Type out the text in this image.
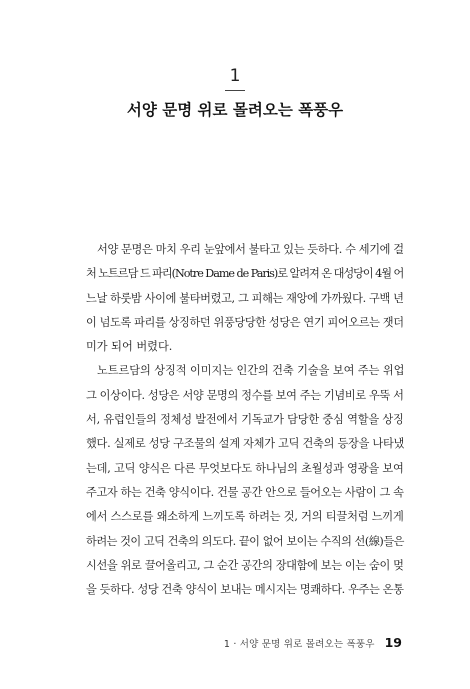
1
서양 문명 위로 몰려오는 폭풍우
서양 문명은 마치 우리 눈앞에서 불타고 있는 듯하다. 수 세기에 걸
처 노트르담 드 파리(Notre Dame de Paris)로 알려져 온 대성당이 4월 어
느날 하룻밤 사이에 불타버렸고, 그 피해는 재앙에 가까웠다. 구백 년
이 넘도록 파리를 상징하던 위풍당당한 성당은 연기 피어오르는 잿더
미가 되어 버렸다.
노트르담의 상징적 이미지는 인간의 건축 기술을 보여 주는 위업
그 이상이다. 성당은 서양 문명의 정수를 보여 주는 기념비로 우뚝 서
서, 유럽인들의 정체성 발전에서 기독교가 담당한 중심 역할을 상징
했다. 실제로 성당 구조물의 설계 자체가 고딕 건축의 등장을 나타냈
는데, 고딕 양식은 다른 무엇보다도 하나님의 초월성과 영광을 보여
주고자 하는 건축 양식이다. 건물 공간 안으로 들어오는 사람이 그 속
에서 스스로를 왜소하게 느끼도록 하려는 것, 거의 티끌처럼 느끼게
하려는 것이 고딕 건축의 의도다. 끝이 없어 보이는 수직의 선(線)들은
시선을 위로 끌어올리고, 그 순간 공간의 장대함에 보는 이는 숨이 멎
을 듯하다. 성당 건축 양식이 보내는 메시지는 명쾌하다. 우주는 온통
1 · 서양 문명 위로 몰려오는 폭풍우 19
